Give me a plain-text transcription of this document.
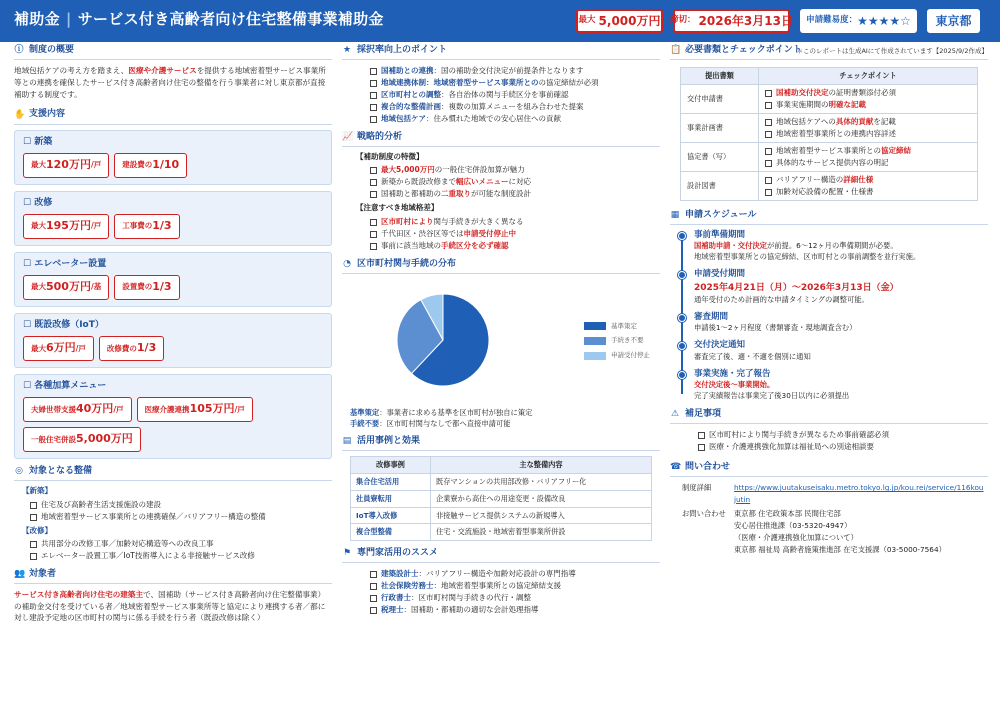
補助金 | サービス付き高齢者向け住宅整備事業補助金	最大 5,000万円 締切： 2026年3月13日 申請難易度： ★★★★☆	東京都
ⓘ 制度の概要
地域包括ケアの考え方を踏まえ、医療や介護サービスを提供する地域密着型サービス事業所等との連携を確保したサービス付き高齢者向け住宅の整備を行う事業者に対し東京都が直接補助する制度です。
✋ 支援内容
☐ 新築
最大 120万円 /戸	建設費の 1/10
☐ 改修
最大 195万円 /戸	工事費の 1/3
☐ エレベーター設置
最大 500万円 /基	設置費の 1/3
☐ 既設改修（IoT）
最大 6万円 /戸	改修費の 1/3
☐ 各種加算メニュー
夫婦世帯支援 40万円 /戸	医療介護連携 105万円 /戸
一般住宅併設 5,000万円
◎ 対象となる整備
【新築】
住宅及び高齢者生活支援施設の建設
地域密着型サービス事業所との連携確保／バリアフリー構造の整備
【改修】
共用部分の改修工事／加齢対応構造等への改良工事
エレベーター設置工事／IoT技術導入による非接触サービス改修
👥 対象者
サービス付き高齢者向け住宅の建築主で、国補助（サービス付き高齢者向け住宅整備事業）の補助金交付を受けている者／地域密着型サービス事業所等と協定により連携する者／都に対し建設予定地の区市町村の関与に係る手続を行う者（既設改修は除く）
★ 採択率向上のポイント
国補助との連携：国の補助金交付決定が前提条件となります
地域連携体制：地域密着型サービス事業所とのの協定締結が必須
区市町村との調整：各自治体の関与手続区分を事前確認
複合的な整備計画：複数の加算メニューを組み合わせた提案
地域包括ケア：住み慣れた地域での安心居住への貢献
📈 戦略的分析
【補助制度の特徴】
最大5,000万円の一般住宅併設加算が魅力
新築から既設改修まで幅広いメニューに対応
国補助と都補助の二重取りが可能な制度設計
【注意すべき地域格差】
区市町村により関与手続きが大きく異なる
千代田区・渋谷区等では申請受付停止中
事前に該当地域の手続区分を必ず確認
◔ 区市町村関与手続の分布
基準策定
手続き不要
申請受付停止
基準策定：事業者に求める基準を区市町村が独自に策定
手続不要：区市町村関与なしで都へ直接申請可能
▤ 活用事例と効果
改修事例	主な整備内容
集合住宅活用	既存マンションの共用部改修・バリアフリー化
社員寮転用	企業寮から高住への用途変更・設備改良
IoT導入改修	非接触サービス提供システムの新規導入
複合型整備	住宅・交流施設・地域密着型事業所併設
⚑ 専門家活用のススメ
建築設計士：バリアフリー構造や加齢対応設計の専門指導
社会保険労務士：地域密着型事業所との協定締結支援
行政書士：区市町村関与手続きの代行・調整
税理士：国補助・都補助の適切な会計処理指導
📋 必要書類とチェックポイント
＊このレポートは生成AIにて作成されています【2025/9/2作成】
提出書類	チェックポイント
交付申請書	国補助交付決定の証明書類添付必須
事業実施期間の明確な記載

事業計画書	地域包括ケアへの具体的貢献を記載
地域密着型事業所との連携内容詳述

協定書（写）	地域密着型サービス事業所との協定締結
具体的なサービス提供内容の明記

設計図書	バリアフリー構造の詳細仕様
加齢対応設備の配置・仕様書
▦ 申請スケジュール
事前準備期間
国補助申請・交付決定が前提。6〜12ヶ月の準備期間が必要。
地域密着型事業所との協定締結、区市町村との事前調整を並行実施。
申請受付期間
2025年4月21日（月）〜2026年3月13日（金）
通年受付のため計画的な申請タイミングの調整可能。
審査期間
申請後1〜2ヶ月程度（書類審査・現地調査含む）
交付決定通知
審査完了後、適・不適を個別に通知
事業実施・完了報告
交付決定後〜事業開始。
完了実績報告は事業完了後30日以内に必須提出
⚠ 補足事項
区市町村により関与手続きが異なるため事前確認必須
医療・介護連携強化加算は福祉局への別途相談要
☎ 問い合わせ
制度詳細	https://www.juutakuseisaku.metro.tokyo.lg.jp/kou.rei/service/116koujutin
お問い合わせ	東京都 住宅政策本部 民間住宅部
安心居住推進課（03-5320-4947）
（医療・介護連携強化加算について）
東京都 福祉局 高齢者施策推進部 在宅支援課（03-5000-7564）
